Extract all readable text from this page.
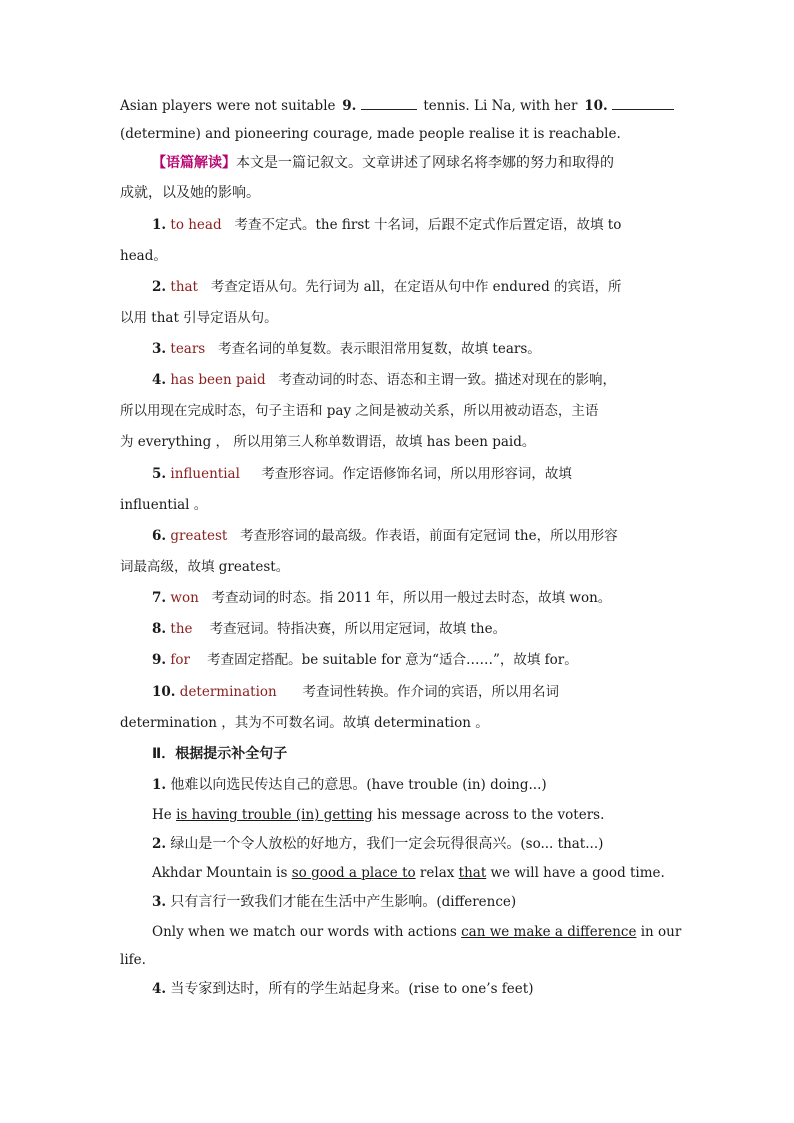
Asian players were not suitable 9.	tennis. Li Na, with her 10.
(determine) and pioneering courage, made people realise it is reachable.
【语篇解读】本文是一篇记叙文。文章讲述了网球名将李娜的努力和取得的
成就，以及她的影响。
1. to head 考查不定式。the first 十名词，后跟不定式作后置定语，故填 to
head。
2. that 考查定语从句。先行词为 all，在定语从句中作 endured 的宾语，所
以用 that 引导定语从句。
3. tears 考查名词的单复数。表示眼泪常用复数，故填 tears。
4. has been paid 考查动词的时态、语态和主谓一致。描述对现在的影响，
所以用现在完成时态，句子主语和 pay 之间是被动关系，所以用被动语态，主语
为 everything ， 所以用第三人称单数谓语，故填 has been paid。
5. influential 考查形容词。作定语修饰名词，所以用形容词，故填
influential 。
6. greatest 考查形容词的最高级。作表语，前面有定冠词 the，所以用形容
词最高级，故填 greatest。
7. won 考查动词的时态。指 2011 年，所以用一般过去时态，故填 won。
8. the 考查冠词。特指决赛，所以用定冠词，故填 the。
9. for 考查固定搭配。be suitable for 意为“适合……”，故填 for。
10. determination 考查词性转换。作介词的宾语，所以用名词
determination ，其为不可数名词。故填 determination 。
Ⅱ．根据提示补全句子
1. 他难以向选民传达自己的意思。(have trouble (in) doing...)
He is having trouble (in) getting his message across to the voters.
2. 绿山是一个令人放松的好地方，我们一定会玩得很高兴。(so... that...)
Akhdar Mountain is so good a place to relax that we will have a good time.
3. 只有言行一致我们才能在生活中产生影响。(difference)
Only when we match our words with actions can we make a difference in our
life.
4. 当专家到达时，所有的学生站起身来。(rise to one’s feet)
